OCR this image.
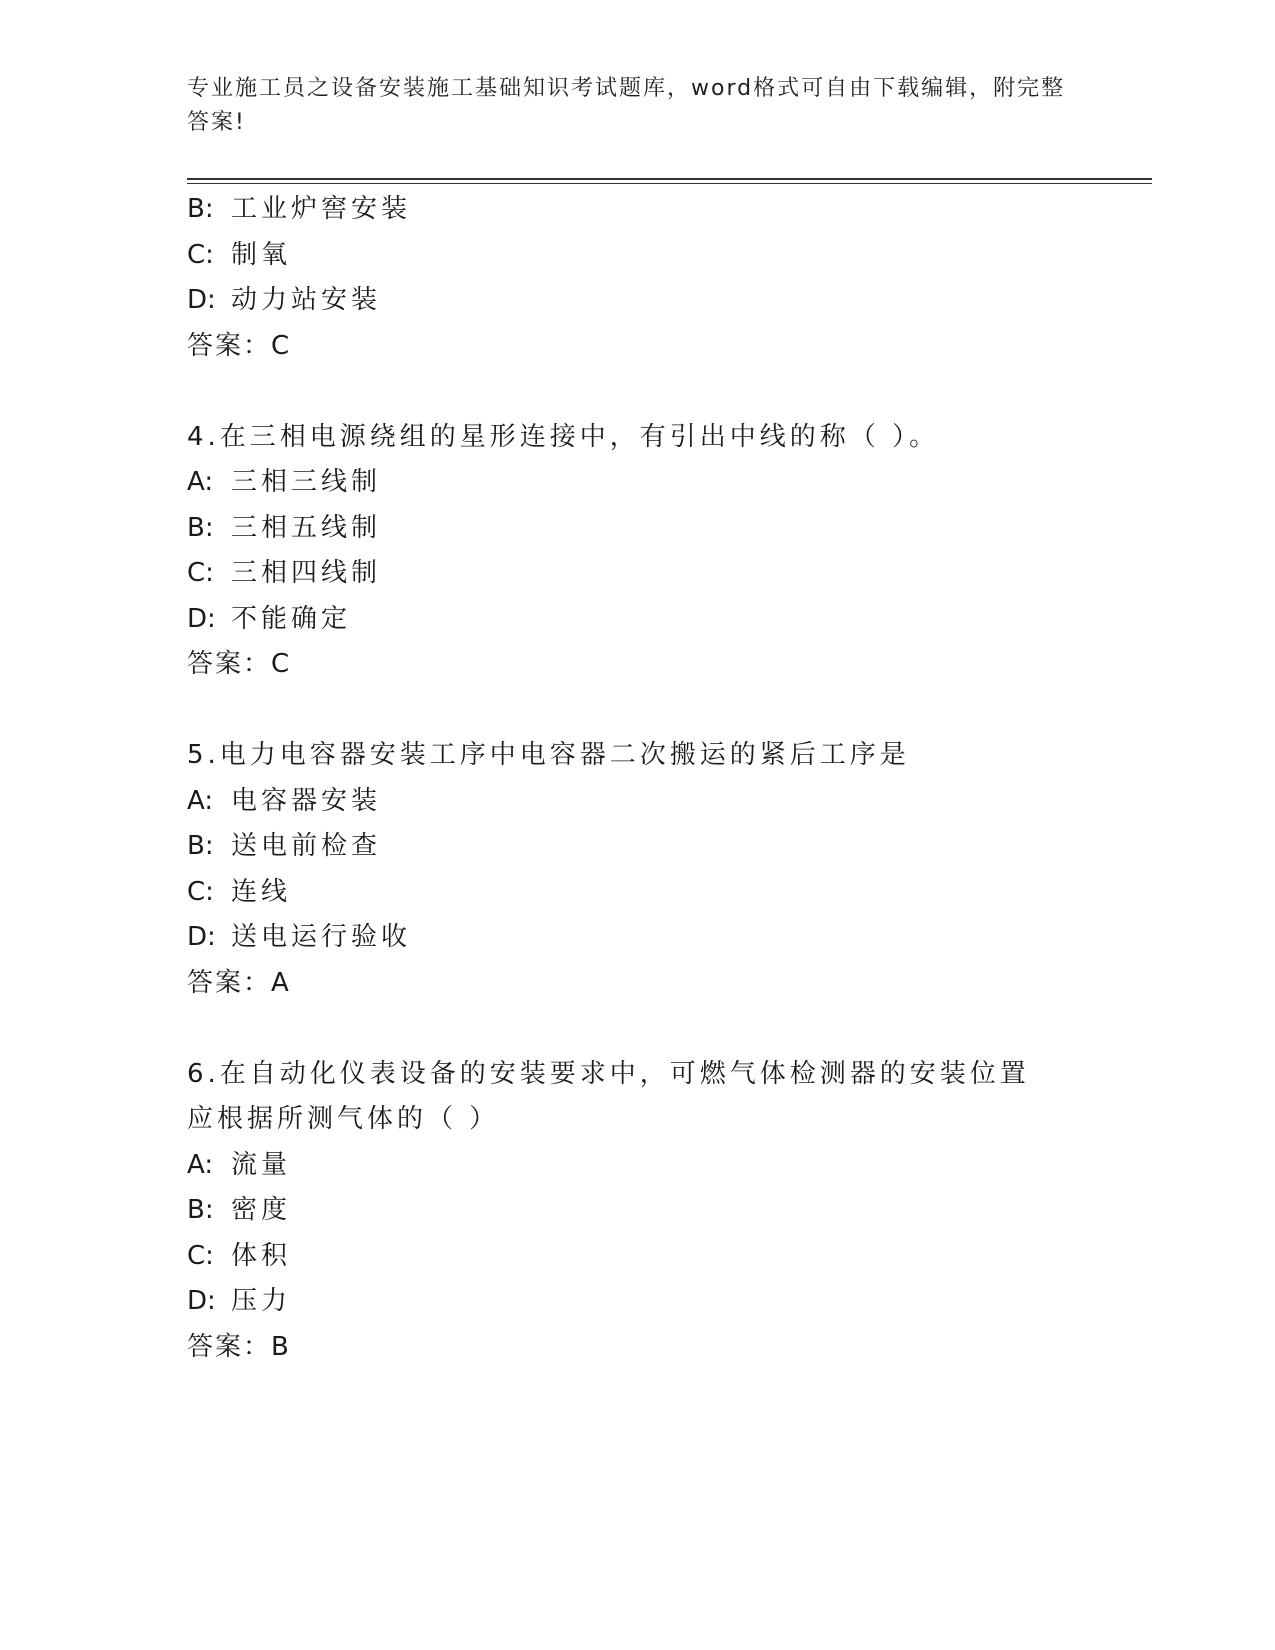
专业施工员之设备安装施工基础知识考试题库，word格式可自由下载编辑，附完整答案!
B: 工业炉窖安装
C: 制氧
D: 动力站安装
答案：C
4.在三相电源绕组的星形连接中，有引出中线的称（ ）。
A: 三相三线制
B: 三相五线制
C: 三相四线制
D: 不能确定
答案：C
5.电力电容器安装工序中电容器二次搬运的紧后工序是
A: 电容器安装
B: 送电前检查
C: 连线
D: 送电运行验收
答案：A
6.在自动化仪表设备的安装要求中，可燃气体检测器的安装位置应根据所测气体的（ ）
A: 流量
B: 密度
C: 体积
D: 压力
答案：B
